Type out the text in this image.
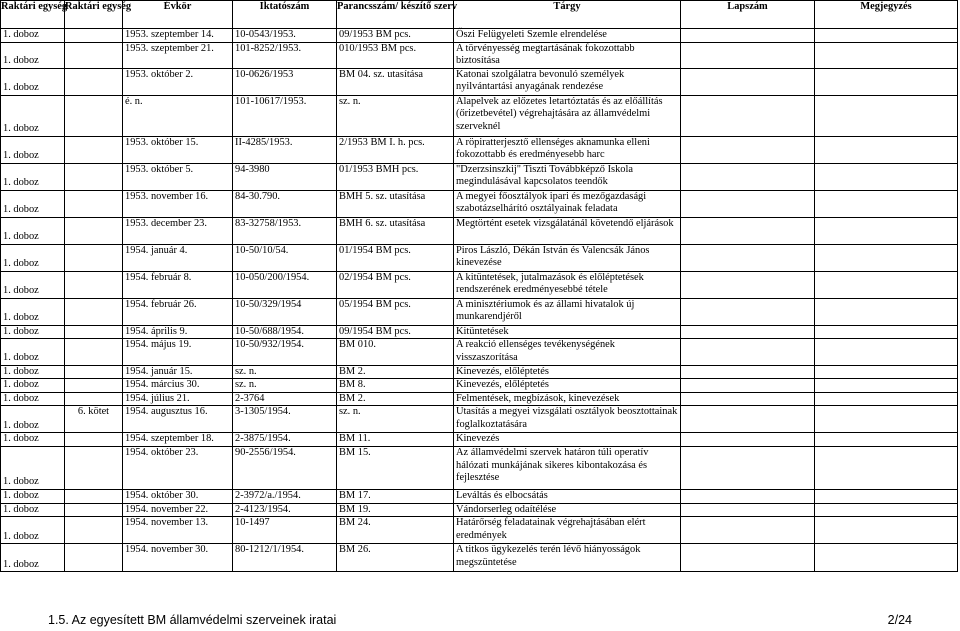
Raktári egység	Raktári egység	Évkör	Iktatószám	Parancsszám/ készítő szerv	Tárgy	Lapszám	Megjegyzés
1. doboz		1953. szeptember 14.	10-0543/1953.	09/1953 BM pcs.	Őszi Felügyeleti Szemle elrendelése		
1. doboz		1953. szeptember 21.	101-8252/1953.	010/1953 BM pcs.	A törvényesség megtartásának fokozottabb biztosítása		
1. doboz		1953. október 2.	10-0626/1953	BM 04. sz. utasítása	Katonai szolgálatra bevonuló személyek nyilvántartási anyagának rendezése		
1. doboz		é. n.	101-10617/1953.	sz. n.	Alapelvek az előzetes letartóztatás és az előállítás (őrizetbevétel) végrehajtására az államvédelmi szerveknél		
1. doboz		1953. október 15.	II-4285/1953.	2/1953 BM I. h. pcs.	A röpiratterjesztő ellenséges aknamunka elleni fokozottabb és eredményesebb harc		
1. doboz		1953. október 5.	94-3980	01/1953 BMH pcs.	"Dzerzsinszkij" Tiszti Továbbképző Iskola megindulásával kapcsolatos teendők		
1. doboz		1953. november 16.	84-30.790.	BMH 5. sz. utasítása	A megyei főosztályok ipari és mezőgazdasági szabotázselhárító osztályainak feladata		
1. doboz		1953. december 23.	83-32758/1953.	BMH 6. sz. utasítása	Megtörtént esetek vizsgálatánál követendő eljárások		
1. doboz		1954. január 4.	10-50/10/54.	01/1954 BM pcs.	Piros László, Dékán István és Valencsák János kinevezése		
1. doboz		1954. február 8.	10-050/200/1954.	02/1954 BM pcs.	A kitüntetések, jutalmazások és előléptetések rendszerének eredményesebbé tétele		
1. doboz		1954. február 26.	10-50/329/1954	05/1954 BM pcs.	A minisztériumok és az állami hivatalok új munkarendjéről		
1. doboz		1954. április 9.	10-50/688/1954.	09/1954 BM pcs.	Kitüntetések		
1. doboz		1954. május 19.	10-50/932/1954.	BM 010.	A reakció ellenséges tevékenységének visszaszorítása		
1. doboz		1954. január 15.	sz. n.	BM 2.	Kinevezés, előléptetés		
1. doboz		1954. március 30.	sz. n.	BM 8.	Kinevezés, előléptetés		
1. doboz		1954. július 21.	2-3764	BM 2.	Felmentések, megbízások, kinevezések		
1. doboz	6. kötet	1954. augusztus 16.	3-1305/1954.	sz. n.	Utasítás a megyei vizsgálati osztályok beosztottainak foglalkoztatására		
1. doboz		1954. szeptember 18.	2-3875/1954.	BM 11.	Kinevezés		
1. doboz		1954. október 23.	90-2556/1954.	BM 15.	Az államvédelmi szervek határon túli operatív hálózati munkájának sikeres kibontakozása és fejlesztése		
1. doboz		1954. október 30.	2-3972/a./1954.	BM 17.	Leváltás és elbocsátás		
1. doboz		1954. november 22.	2-4123/1954.	BM 19.	Vándorserleg odaítélése		
1. doboz		1954. november 13.	10-1497	BM 24.	Határőrség feladatainak végrehajtásában elért eredmények		
1. doboz		1954. november 30.	80-1212/1/1954.	BM 26.	A titkos ügykezelés terén lévő hiányosságok megszüntetése		
1.5. Az egyesített BM államvédelmi szerveinek iratai	2/24
